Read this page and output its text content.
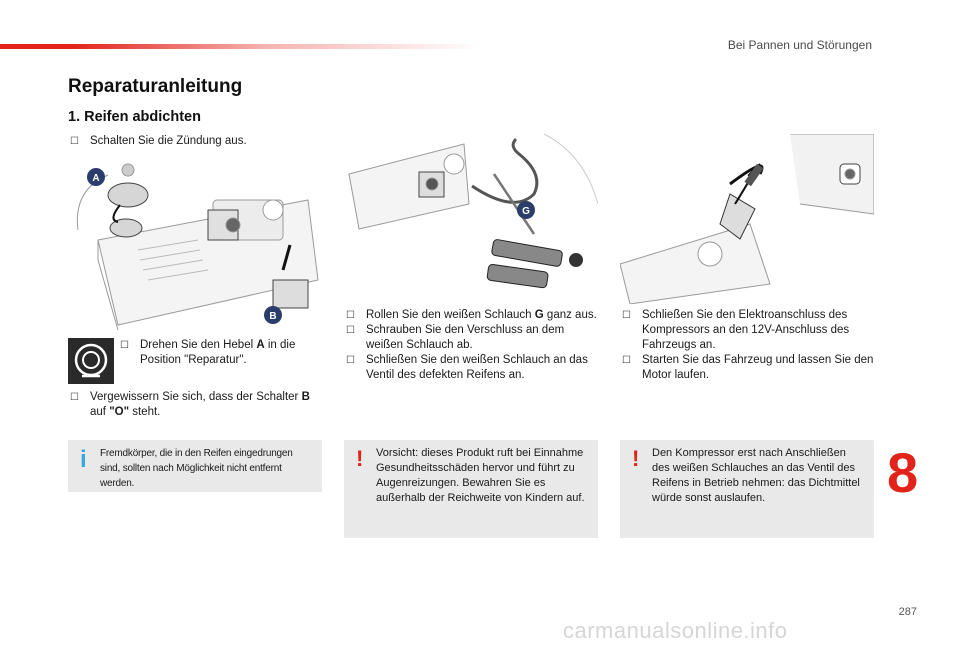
Bei Pannen und Störungen
Reparaturanleitung
1. Reifen abdichten
☐ Schalten Sie die Zündung aus.
A
B
☐ Drehen Sie den Hebel A in die Position "Reparatur".
☐ Vergewissern Sie sich, dass der Schalter B auf "O" steht.
i Fremdkörper, die in den Reifen eingedrungen sind, sollten nach Möglichkeit nicht entfernt werden.
G
☐ Rollen Sie den weißen Schlauch G ganz aus.
☐ Schrauben Sie den Verschluss an dem weißen Schlauch ab.
☐ Schließen Sie den weißen Schlauch an das Ventil des defekten Reifens an.
! Vorsicht: dieses Produkt ruft bei Einnahme Gesundheitsschäden hervor und führt zu Augenreizungen. Bewahren Sie es außerhalb der Reichweite von Kindern auf.
☐ Schließen Sie den Elektroanschluss des Kompressors an den 12V-Anschluss des Fahrzeugs an.
☐ Starten Sie das Fahrzeug und lassen Sie den Motor laufen.
! Den Kompressor erst nach Anschließen des weißen Schlauches an das Ventil des Reifens in Betrieb nehmen: das Dichtmittel würde sonst auslaufen.	8
287
carmanualsonline.info
